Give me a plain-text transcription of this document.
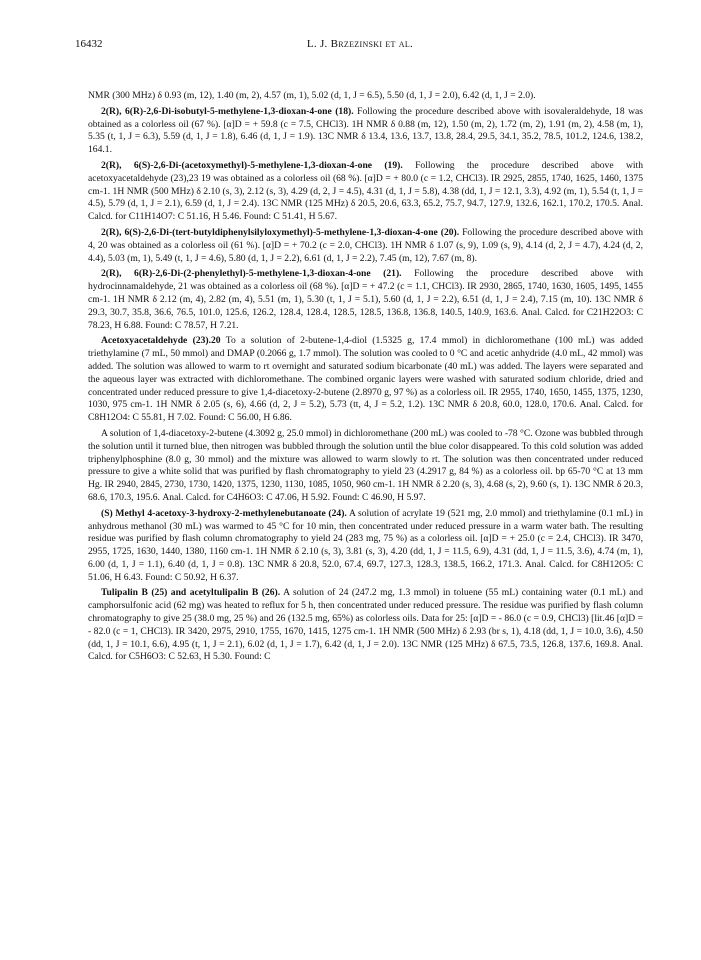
16432	L. J. Brzezinski et al.

NMR (300 MHz) δ 0.93 (m, 12), 1.40 (m, 2), 4.57 (m, 1), 5.02 (d, 1, J = 6.5), 5.50 (d, 1, J = 2.0), 6.42 (d, 1, J = 2.0).

2(R), 6(R)-2,6-Di-isobutyl-5-methylene-1,3-dioxan-4-one (18). Following the procedure described above with isovaleraldehyde, 18 was obtained as a colorless oil (67 %). [α]D = + 59.8 (c = 7.5, CHCl3). 1H NMR δ 0.88 (m, 12), 1.50 (m, 2), 1.72 (m, 2), 1.91 (m, 2), 4.58 (m, 1), 5.35 (t, 1, J = 6.3), 5.59 (d, 1, J = 1.8), 6.46 (d, 1, J = 1.9). 13C NMR δ 13.4, 13.6, 13.7, 13.8, 28.4, 29.5, 34.1, 35.2, 78.5, 101.2, 124.6, 138.2, 164.1.

2(R), 6(S)-2,6-Di-(acetoxymethyl)-5-methylene-1,3-dioxan-4-one (19). Following the procedure described above with acetoxyacetaldehyde (23),23 19 was obtained as a colorless oil (68 %). [α]D = + 80.0 (c = 1.2, CHCl3). IR 2925, 2855, 1740, 1625, 1460, 1375 cm-1. 1H NMR (500 MHz) δ 2.10 (s, 3), 2.12 (s, 3), 4.29 (d, 2, J = 4.5), 4.31 (d, 1, J = 5.8), 4.38 (dd, 1, J = 12.1, 3.3), 4.92 (m, 1), 5.54 (t, 1, J = 4.5), 5.79 (d, 1, J = 2.1), 6.59 (d, 1, J = 2.4). 13C NMR (125 MHz) δ 20.5, 20.6, 63.3, 65.2, 75.7, 94.7, 127.9, 132.6, 162.1, 170.2, 170.5. Anal. Calcd. for C11H14O7: C 51.16, H 5.46. Found: C 51.41, H 5.67.

2(R), 6(S)-2,6-Di-(tert-butyldiphenylsilyloxymethyl)-5-methylene-1,3-dioxan-4-one (20). Following the procedure described above with 4, 20 was obtained as a colorless oil (61 %). [α]D = + 70.2 (c = 2.0, CHCl3). 1H NMR δ 1.07 (s, 9), 1.09 (s, 9), 4.14 (d, 2, J = 4.7), 4.24 (d, 2, 4.4), 5.03 (m, 1), 5.49 (t, 1, J = 4.6), 5.80 (d, 1, J = 2.2), 6.61 (d, 1, J = 2.2), 7.45 (m, 12), 7.67 (m, 8).

2(R), 6(R)-2,6-Di-(2-phenylethyl)-5-methylene-1,3-dioxan-4-one (21). Following the procedure described above with hydrocinnamaldehyde, 21 was obtained as a colorless oil (68 %). [α]D = + 47.2 (c = 1.1, CHCl3). IR 2930, 2865, 1740, 1630, 1605, 1495, 1455 cm-1. 1H NMR δ 2.12 (m, 4), 2.82 (m, 4), 5.51 (m, 1), 5.30 (t, 1, J = 5.1), 5.60 (d, 1, J = 2.2), 6.51 (d, 1, J = 2.4), 7.15 (m, 10). 13C NMR δ 29.3, 30.7, 35.8, 36.6, 76.5, 101.0, 125.6, 126.2, 128.4, 128.4, 128.5, 128.5, 136.8, 136.8, 140.5, 140.9, 163.6. Anal. Calcd. for C21H22O3: C 78.23, H 6.88. Found: C 78.57, H 7.21.

Acetoxyacetaldehyde (23).20 To a solution of 2-butene-1,4-diol (1.5325 g, 17.4 mmol) in dichloromethane (100 mL) was added triethylamine (7 mL, 50 mmol) and DMAP (0.2066 g, 1.7 mmol). The solution was cooled to 0 °C and acetic anhydride (4.0 mL, 42 mmol) was added. The solution was allowed to warm to rt overnight and saturated sodium bicarbonate (40 mL) was added. The layers were separated and the aqueous layer was extracted with dichloromethane. The combined organic layers were washed with saturated sodium chloride, dried and concentrated under reduced pressure to give 1,4-diacetoxy-2-butene (2.8970 g, 97 %) as a colorless oil. IR 2955, 1740, 1650, 1455, 1375, 1230, 1030, 975 cm-1. 1H NMR δ 2.05 (s, 6), 4.66 (d, 2, J = 5.2), 5.73 (tt, 4, J = 5.2, 1.2). 13C NMR δ 20.8, 60.0, 128.0, 170.6. Anal. Calcd. for C8H12O4: C 55.81, H 7.02. Found: C 56.00, H 6.86.

A solution of 1,4-diacetoxy-2-butene (4.3092 g, 25.0 mmol) in dichloromethane (200 mL) was cooled to -78 °C. Ozone was bubbled through the solution until it turned blue, then nitrogen was bubbled through the solution until the blue color disappeared. To this cold solution was added triphenylphosphine (8.0 g, 30 mmol) and the mixture was allowed to warm slowly to rt. The solution was then concentrated under reduced pressure to give a white solid that was purified by flash chromatography to yield 23 (4.2917 g, 84 %) as a colorless oil. bp 65-70 °C at 13 mm Hg. IR 2940, 2845, 2730, 1730, 1420, 1375, 1230, 1130, 1085, 1050, 960 cm-1. 1H NMR δ 2.20 (s, 3), 4.68 (s, 2), 9.60 (s, 1). 13C NMR δ 20.3, 68.6, 170.3, 195.6. Anal. Calcd. for C4H6O3: C 47.06, H 5.92. Found: C 46.90, H 5.97.

(S) Methyl 4-acetoxy-3-hydroxy-2-methylenebutanoate (24). A solution of acrylate 19 (521 mg, 2.0 mmol) and triethylamine (0.1 mL) in anhydrous methanol (30 mL) was warmed to 45 °C for 10 min, then concentrated under reduced pressure in a warm water bath. The resulting residue was purified by flash column chromatography to yield 24 (283 mg, 75 %) as a colorless oil. [α]D = + 25.0 (c = 2.4, CHCl3). IR 3470, 2955, 1725, 1630, 1440, 1380, 1160 cm-1. 1H NMR δ 2.10 (s, 3), 3.81 (s, 3), 4.20 (dd, 1, J = 11.5, 6.9), 4.31 (dd, 1, J = 11.5, 3.6), 4.74 (m, 1), 6.00 (d, 1, J = 1.1), 6.40 (d, 1, J = 0.8). 13C NMR δ 20.8, 52.0, 67.4, 69.7, 127.3, 128.3, 138.5, 166.2, 171.3. Anal. Calcd. for C8H12O5: C 51.06, H 6.43. Found: C 50.92, H 6.37.

Tulipalin B (25) and acetyltulipalin B (26). A solution of 24 (247.2 mg, 1.3 mmol) in toluene (55 mL) containing water (0.1 mL) and camphorsulfonic acid (62 mg) was heated to reflux for 5 h, then concentrated under reduced pressure. The residue was purified by flash column chromatography to give 25 (38.0 mg, 25 %) and 26 (132.5 mg, 65%) as colorless oils. Data for 25: [α]D = - 86.0 (c = 0.9, CHCl3) [lit.46 [α]D = - 82.0 (c = 1, CHCl3). IR 3420, 2975, 2910, 1755, 1670, 1415, 1275 cm-1. 1H NMR (500 MHz) δ 2.93 (br s, 1), 4.18 (dd, 1, J = 10.0, 3.6), 4.50 (dd, 1, J = 10.1, 6.6), 4.95 (t, 1, J = 2.1), 6.02 (d, 1, J = 1.7), 6.42 (d, 1, J = 2.0). 13C NMR (125 MHz) δ 67.5, 73.5, 126.8, 137.6, 169.8. Anal. Calcd. for C5H6O3: C 52.63, H 5.30. Found: C
